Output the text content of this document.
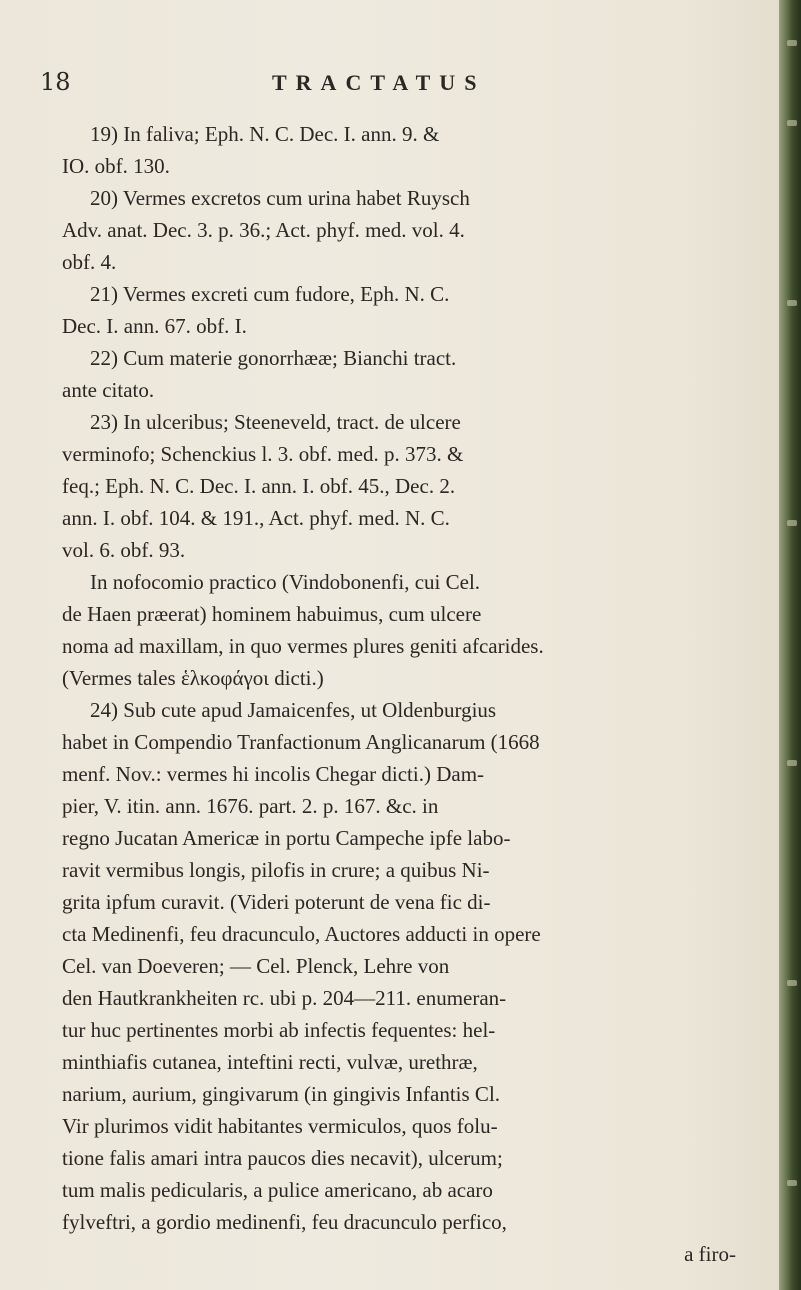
18	TRACTATUS
19) In faliva; Eph. N. C. Dec. I. ann. 9. &
IO. obf. 130.
20) Vermes excretos cum urina habet Ruysch
Adv. anat. Dec. 3. p. 36.; Act. phyf. med. vol. 4.
obf. 4.
21) Vermes excreti cum fudore, Eph. N. C.
Dec. I. ann. 67. obf. I.
22) Cum materie gonorrhææ; Bianchi tract.
ante citato.
23) In ulceribus; Steeneveld, tract. de ulcere
verminofo; Schenckius l. 3. obf. med. p. 373. &
feq.; Eph. N. C. Dec. I. ann. I. obf. 45., Dec. 2.
ann. I. obf. 104. & 191., Act. phyf. med. N. C.
vol. 6. obf. 93.
In nofocomio practico (Vindobonenfi, cui Cel.
de Haen præerat) hominem habuimus, cum ulcere
noma ad maxillam, in quo vermes plures geniti afcarides.
(Vermes tales ἑλκοφάγοι dicti.)
24) Sub cute apud Jamaicenfes, ut Oldenburgius
habet in Compendio Tranfactionum Anglicanarum (1668
menf. Nov.: vermes hi incolis Chegar dicti.) Dam-
pier, V. itin. ann. 1676. part. 2. p. 167. &c. in
regno Jucatan Americæ in portu Campeche ipfe labo-
ravit vermibus longis, pilofis in crure; a quibus Ni-
grita ipfum curavit. (Videri poterunt de vena fic di-
cta Medinenfi, feu dracunculo, Auctores adducti in opere
Cel. van Doeveren; — Cel. Plenck, Lehre von
den Hautkrankheiten rc. ubi p. 204—211. enumeran-
tur huc pertinentes morbi ab infectis fequentes: hel-
minthiafis cutanea, inteftini recti, vulvæ, urethræ,
narium, aurium, gingivarum (in gingivis Infantis Cl.
Vir plurimos vidit habitantes vermiculos, quos folu-
tione falis amari intra paucos dies necavit), ulcerum;
tum malis pedicularis, a pulice americano, ab acaro
fylveftri, a gordio medinenfi, feu dracunculo perfico,
a firo-
